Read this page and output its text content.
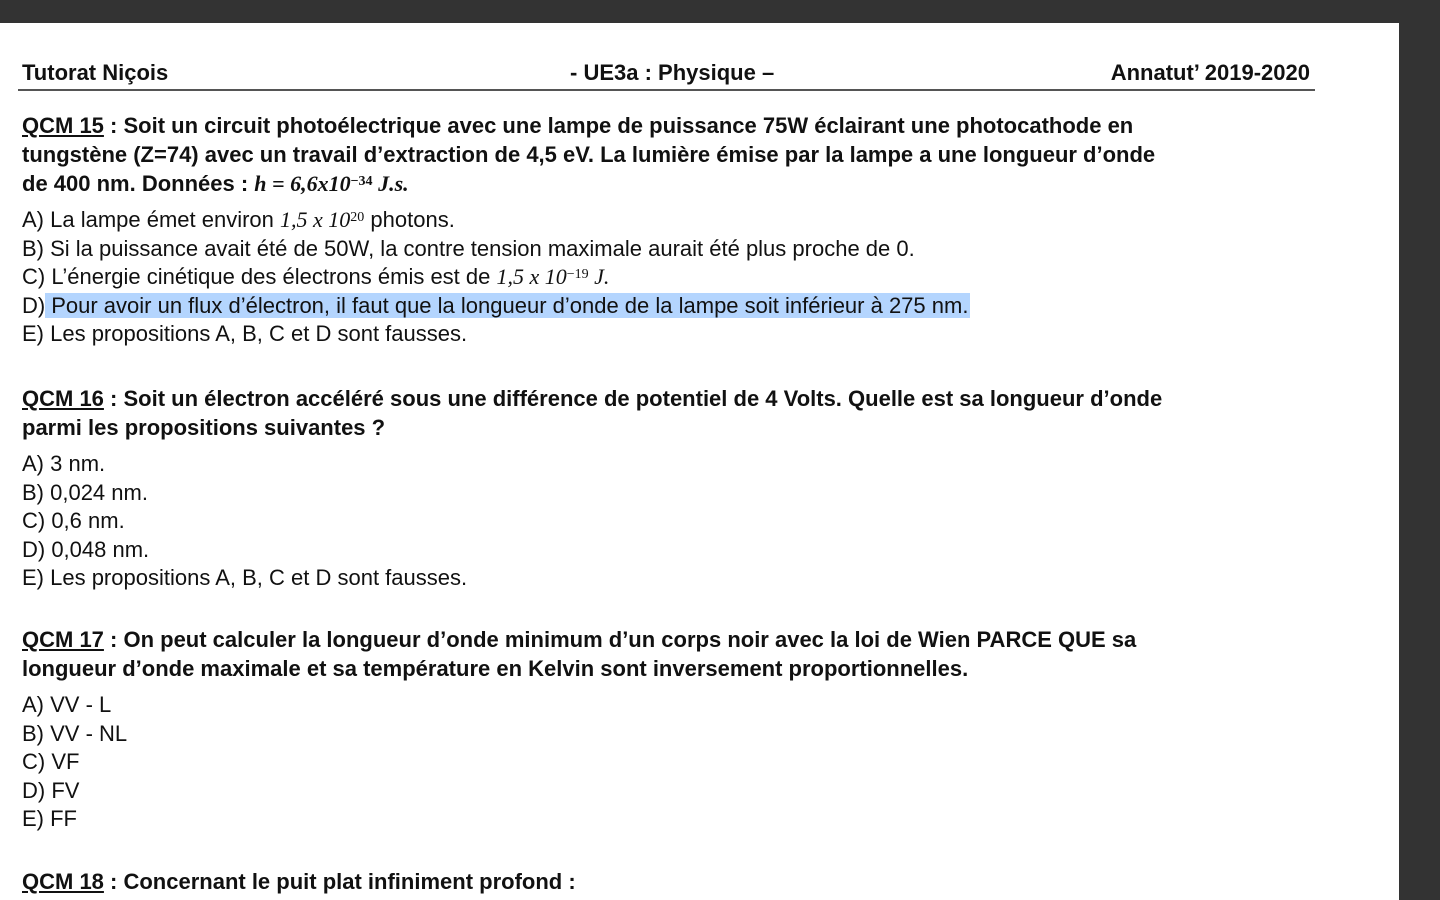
Tutorat Niçois	- UE3a : Physique –	Annatut’ 2019-2020
QCM 15 : Soit un circuit photoélectrique avec une lampe de puissance 75W éclairant une photocathode en
tungstène (Z=74) avec un travail d’extraction de 4,5 eV. La lumière émise par la lampe a une longueur d’onde
de 400 nm. Données : $h = 6,6x10^{-34}$ J.s.
A) La lampe émet environ 1,5 x $10^{20}$ photons.
B) Si la puissance avait été de 50W, la contre tension maximale aurait été plus proche de 0.
C) L’énergie cinétique des électrons émis est de 1,5 x $10^{-19}$ J.
D) Pour avoir un flux d’électron, il faut que la longueur d’onde de la lampe soit inférieur à 275 nm.
E) Les propositions A, B, C et D sont fausses.
QCM 16 : Soit un électron accéléré sous une différence de potentiel de 4 Volts. Quelle est sa longueur d’onde
parmi les propositions suivantes ?
A) 3 nm.
B) 0,024 nm.
C) 0,6 nm.
D) 0,048 nm.
E) Les propositions A, B, C et D sont fausses.
QCM 17 : On peut calculer la longueur d’onde minimum d’un corps noir avec la loi de Wien PARCE QUE sa
longueur d’onde maximale et sa température en Kelvin sont inversement proportionnelles.
A) VV - L
B) VV - NL
C) VF
D) FV
E) FF
QCM 18 : Concernant le puit plat infiniment profond :
